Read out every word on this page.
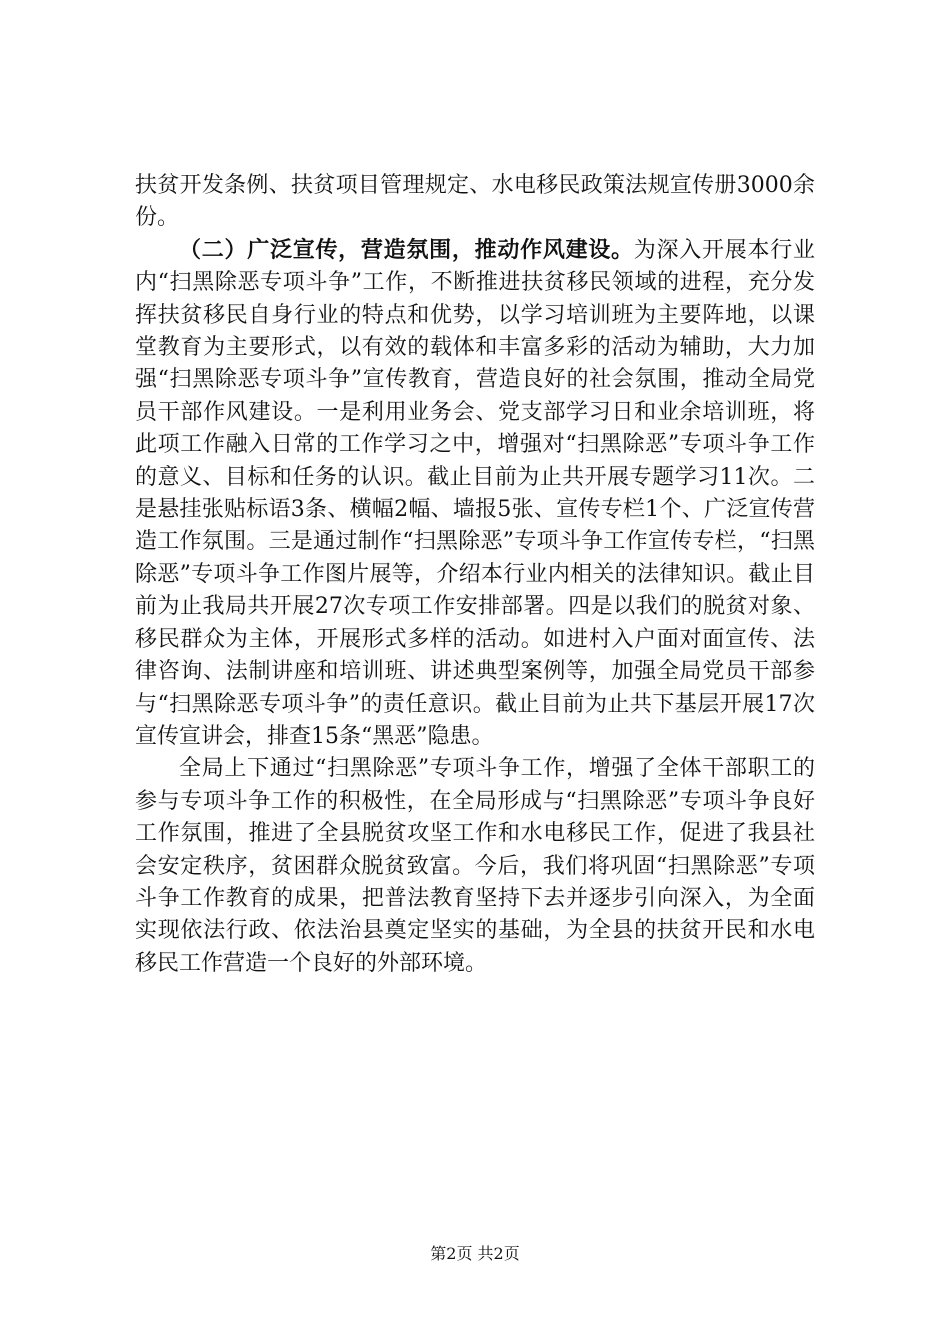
扶贫开发条例、扶贫项目管理规定、水电移民政策法规宣传册3000余份。

（二）广泛宣传，营造氛围，推动作风建设。为深入开展本行业内“扫黑除恶专项斗争”工作，不断推进扶贫移民领域的进程，充分发挥扶贫移民自身行业的特点和优势，以学习培训班为主要阵地，以课堂教育为主要形式，以有效的载体和丰富多彩的活动为辅助，大力加强“扫黑除恶专项斗争”宣传教育，营造良好的社会氛围，推动全局党员干部作风建设。一是利用业务会、党支部学习日和业余培训班，将此项工作融入日常的工作学习之中，增强对“扫黑除恶”专项斗争工作的意义、目标和任务的认识。截止目前为止共开展专题学习11次。二是悬挂张贴标语3条、横幅2幅、墙报5张、宣传专栏1个、广泛宣传营造工作氛围。三是通过制作“扫黑除恶”专项斗争工作宣传专栏，“扫黑除恶”专项斗争工作图片展等，介绍本行业内相关的法律知识。截止目前为止我局共开展27次专项工作安排部署。四是以我们的脱贫对象、移民群众为主体，开展形式多样的活动。如进村入户面对面宣传、法律咨询、法制讲座和培训班、讲述典型案例等，加强全局党员干部参与“扫黑除恶专项斗争”的责任意识。截止目前为止共下基层开展17次宣传宣讲会，排查15条“黑恶”隐患。

全局上下通过“扫黑除恶”专项斗争工作，增强了全体干部职工的参与专项斗争工作的积极性，在全局形成与“扫黑除恶”专项斗争良好工作氛围，推进了全县脱贫攻坚工作和水电移民工作，促进了我县社会安定秩序，贫困群众脱贫致富。今后，我们将巩固“扫黑除恶”专项斗争工作教育的成果，把普法教育坚持下去并逐步引向深入，为全面实现依法行政、依法治县奠定坚实的基础，为全县的扶贫开民和水电移民工作营造一个良好的外部环境。

第2页 共2页
